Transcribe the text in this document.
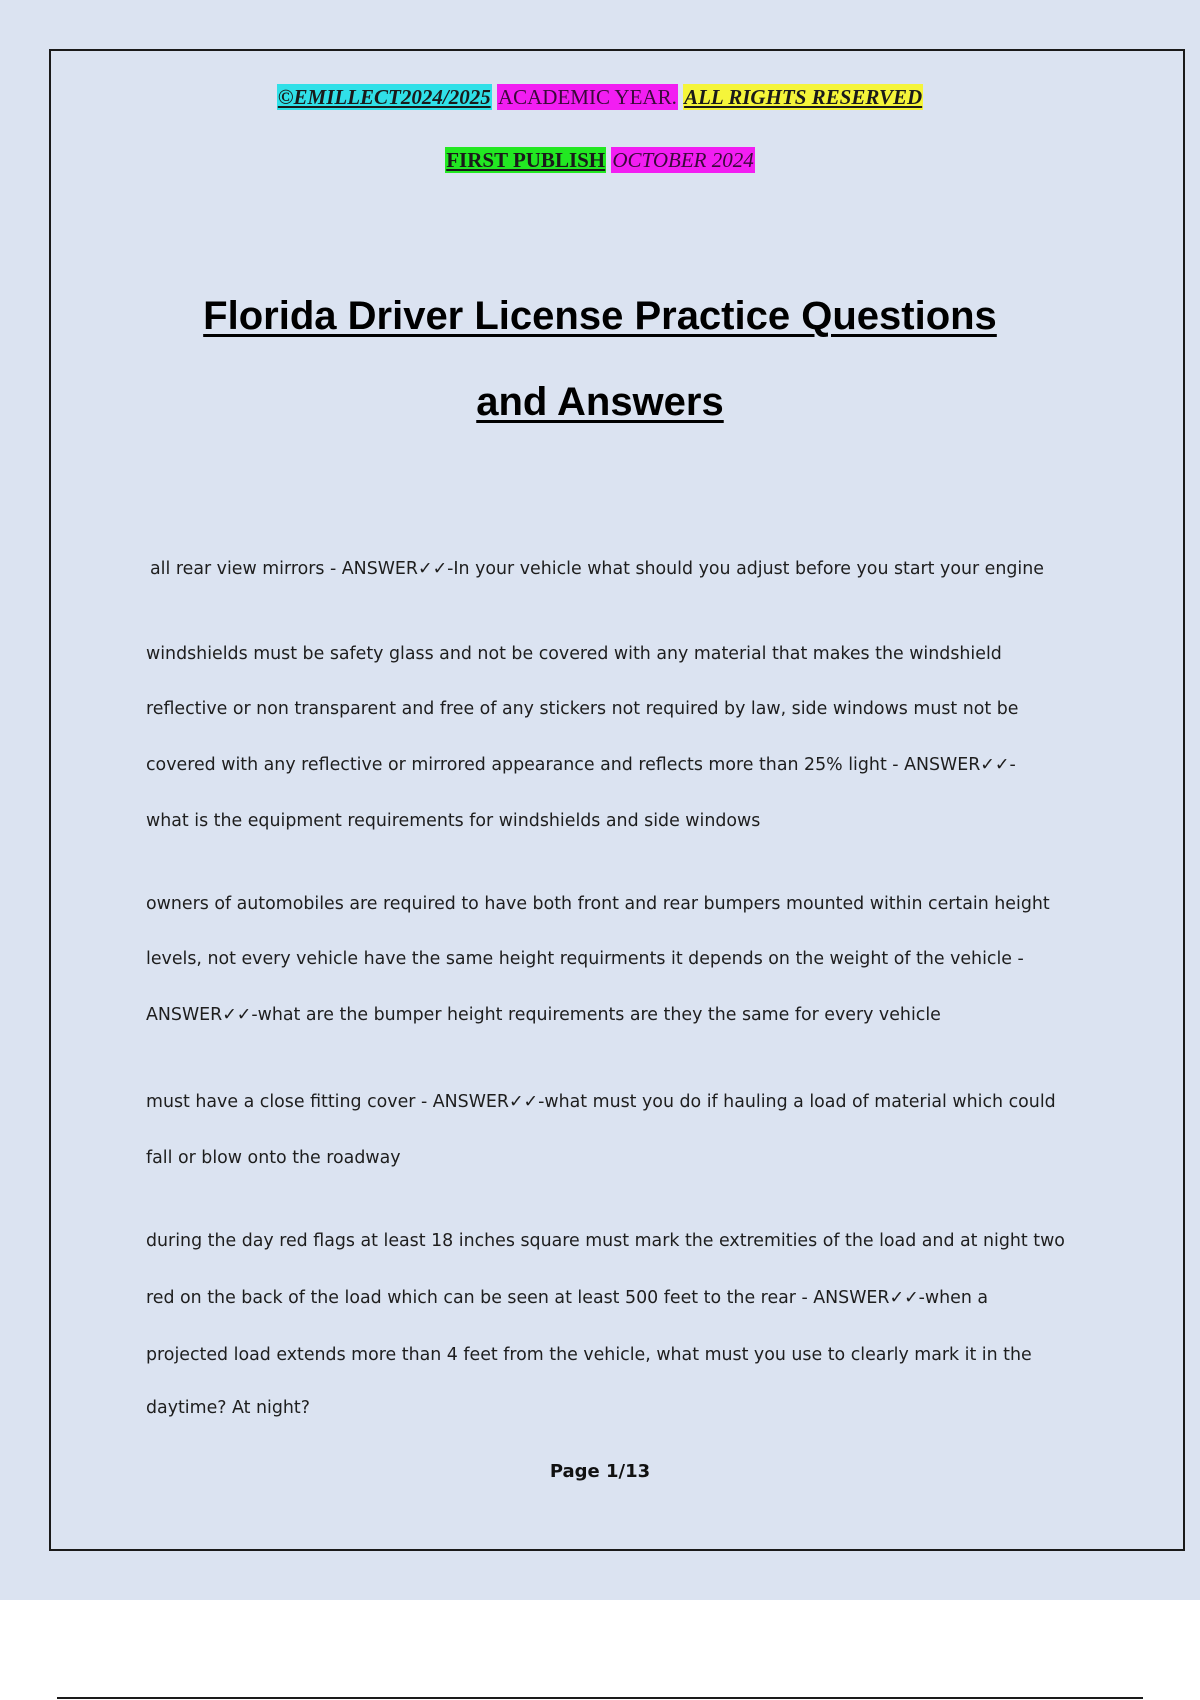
©EMILLECT2024/2025 ACADEMIC YEAR. ALL RIGHTS RESERVED
FIRST PUBLISH OCTOBER 2024
Florida Driver License Practice Questions
and Answers

all rear view mirrors - ANSWER✓✓-In your vehicle what should you adjust before you start your engine

windshields must be safety glass and not be covered with any material that makes the windshield

reflective or non transparent and free of any stickers not required by law, side windows must not be

covered with any reflective or mirrored appearance and reflects more than 25% light - ANSWER✓✓-

what is the equipment requirements for windshields and side windows

owners of automobiles are required to have both front and rear bumpers mounted within certain height

levels, not every vehicle have the same height requirments it depends on the weight of the vehicle -

ANSWER✓✓-what are the bumper height requirements are they the same for every vehicle

must have a close fitting cover - ANSWER✓✓-what must you do if hauling a load of material which could

fall or blow onto the roadway

during the day red flags at least 18 inches square must mark the extremities of the load and at night two

red on the back of the load which can be seen at least 500 feet to the rear - ANSWER✓✓-when a

projected load extends more than 4 feet from the vehicle, what must you use to clearly mark it in the

daytime? At night?

Page 1/13
